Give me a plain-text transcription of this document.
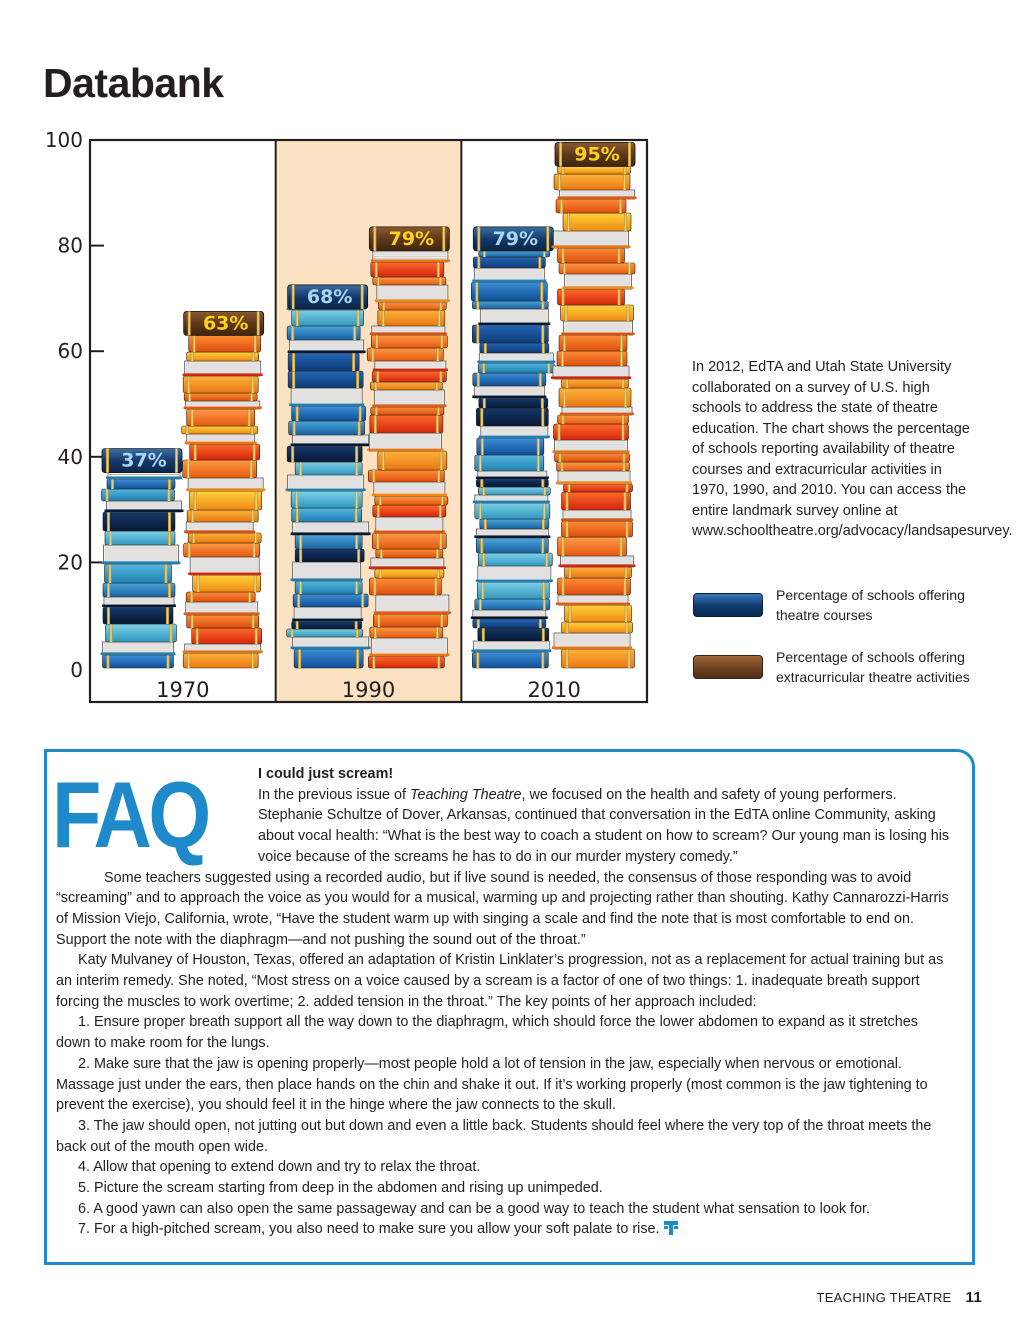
Databank
0
20
40
60
80
100
37%
63%
1970
68%
79%
1990
79%
95%
2010

In 2012, EdTA and Utah State University collaborated on a survey of U.S. high schools to address the state of theatre education. The chart shows the percentage of schools reporting availability of theatre courses and extracurricular activities in 1970, 1990, and 2010. You can access the entire landmark survey online at www.schooltheatre.org/advocacy/landsapesurvey.

Percentage of schools offering theatre courses
Percentage of schools offering extracurricular theatre activities
FAQ	I could just scream!

In the previous issue of Teaching Theatre, we focused on the health and safety of young performers. Stephanie Schultze of Dover, Arkansas, continued that conversation in the EdTA online Community, asking about vocal health: “What is the best way to coach a student on how to scream? Our young man is losing his voice because of the screams he has to do in our murder mystery comedy.”

Some teachers suggested using a recorded audio, but if live sound is needed, the consensus of those responding was to avoid “screaming” and to approach the voice as you would for a musical, warming up and projecting rather than shouting. Kathy Cannarozzi-Harris of Mission Viejo, California, wrote, “Have the student warm up with singing a scale and find the note that is most comfortable to end on. Support the note with the diaphragm—and not pushing the sound out of the throat.”

Katy Mulvaney of Houston, Texas, offered an adaptation of Kristin Linklater’s progression, not as a replacement for actual training but as an interim remedy. She noted, “Most stress on a voice caused by a scream is a factor of one of two things: 1. inadequate breath support forcing the muscles to work overtime; 2. added tension in the throat.” The key points of her approach included:

1. Ensure proper breath support all the way down to the diaphragm, which should force the lower abdomen to expand as it stretches down to make room for the lungs.

2. Make sure that the jaw is opening properly—most people hold a lot of tension in the jaw, especially when nervous or emotional. Massage just under the ears, then place hands on the chin and shake it out. If it’s working properly (most common is the jaw tightening to prevent the exercise), you should feel it in the hinge where the jaw connects to the skull.

3. The jaw should open, not jutting out but down and even a little back. Students should feel where the very top of the throat meets the back out of the mouth open wide.

4. Allow that opening to extend down and try to relax the throat.

5. Picture the scream starting from deep in the abdomen and rising up unimpeded.

6. A good yawn can also open the same passageway and can be a good way to teach the student what sensation to look for.

7. For a high-pitched scream, you also need to make sure you allow your soft palate to rise.

TEACHING THEATRE 11
